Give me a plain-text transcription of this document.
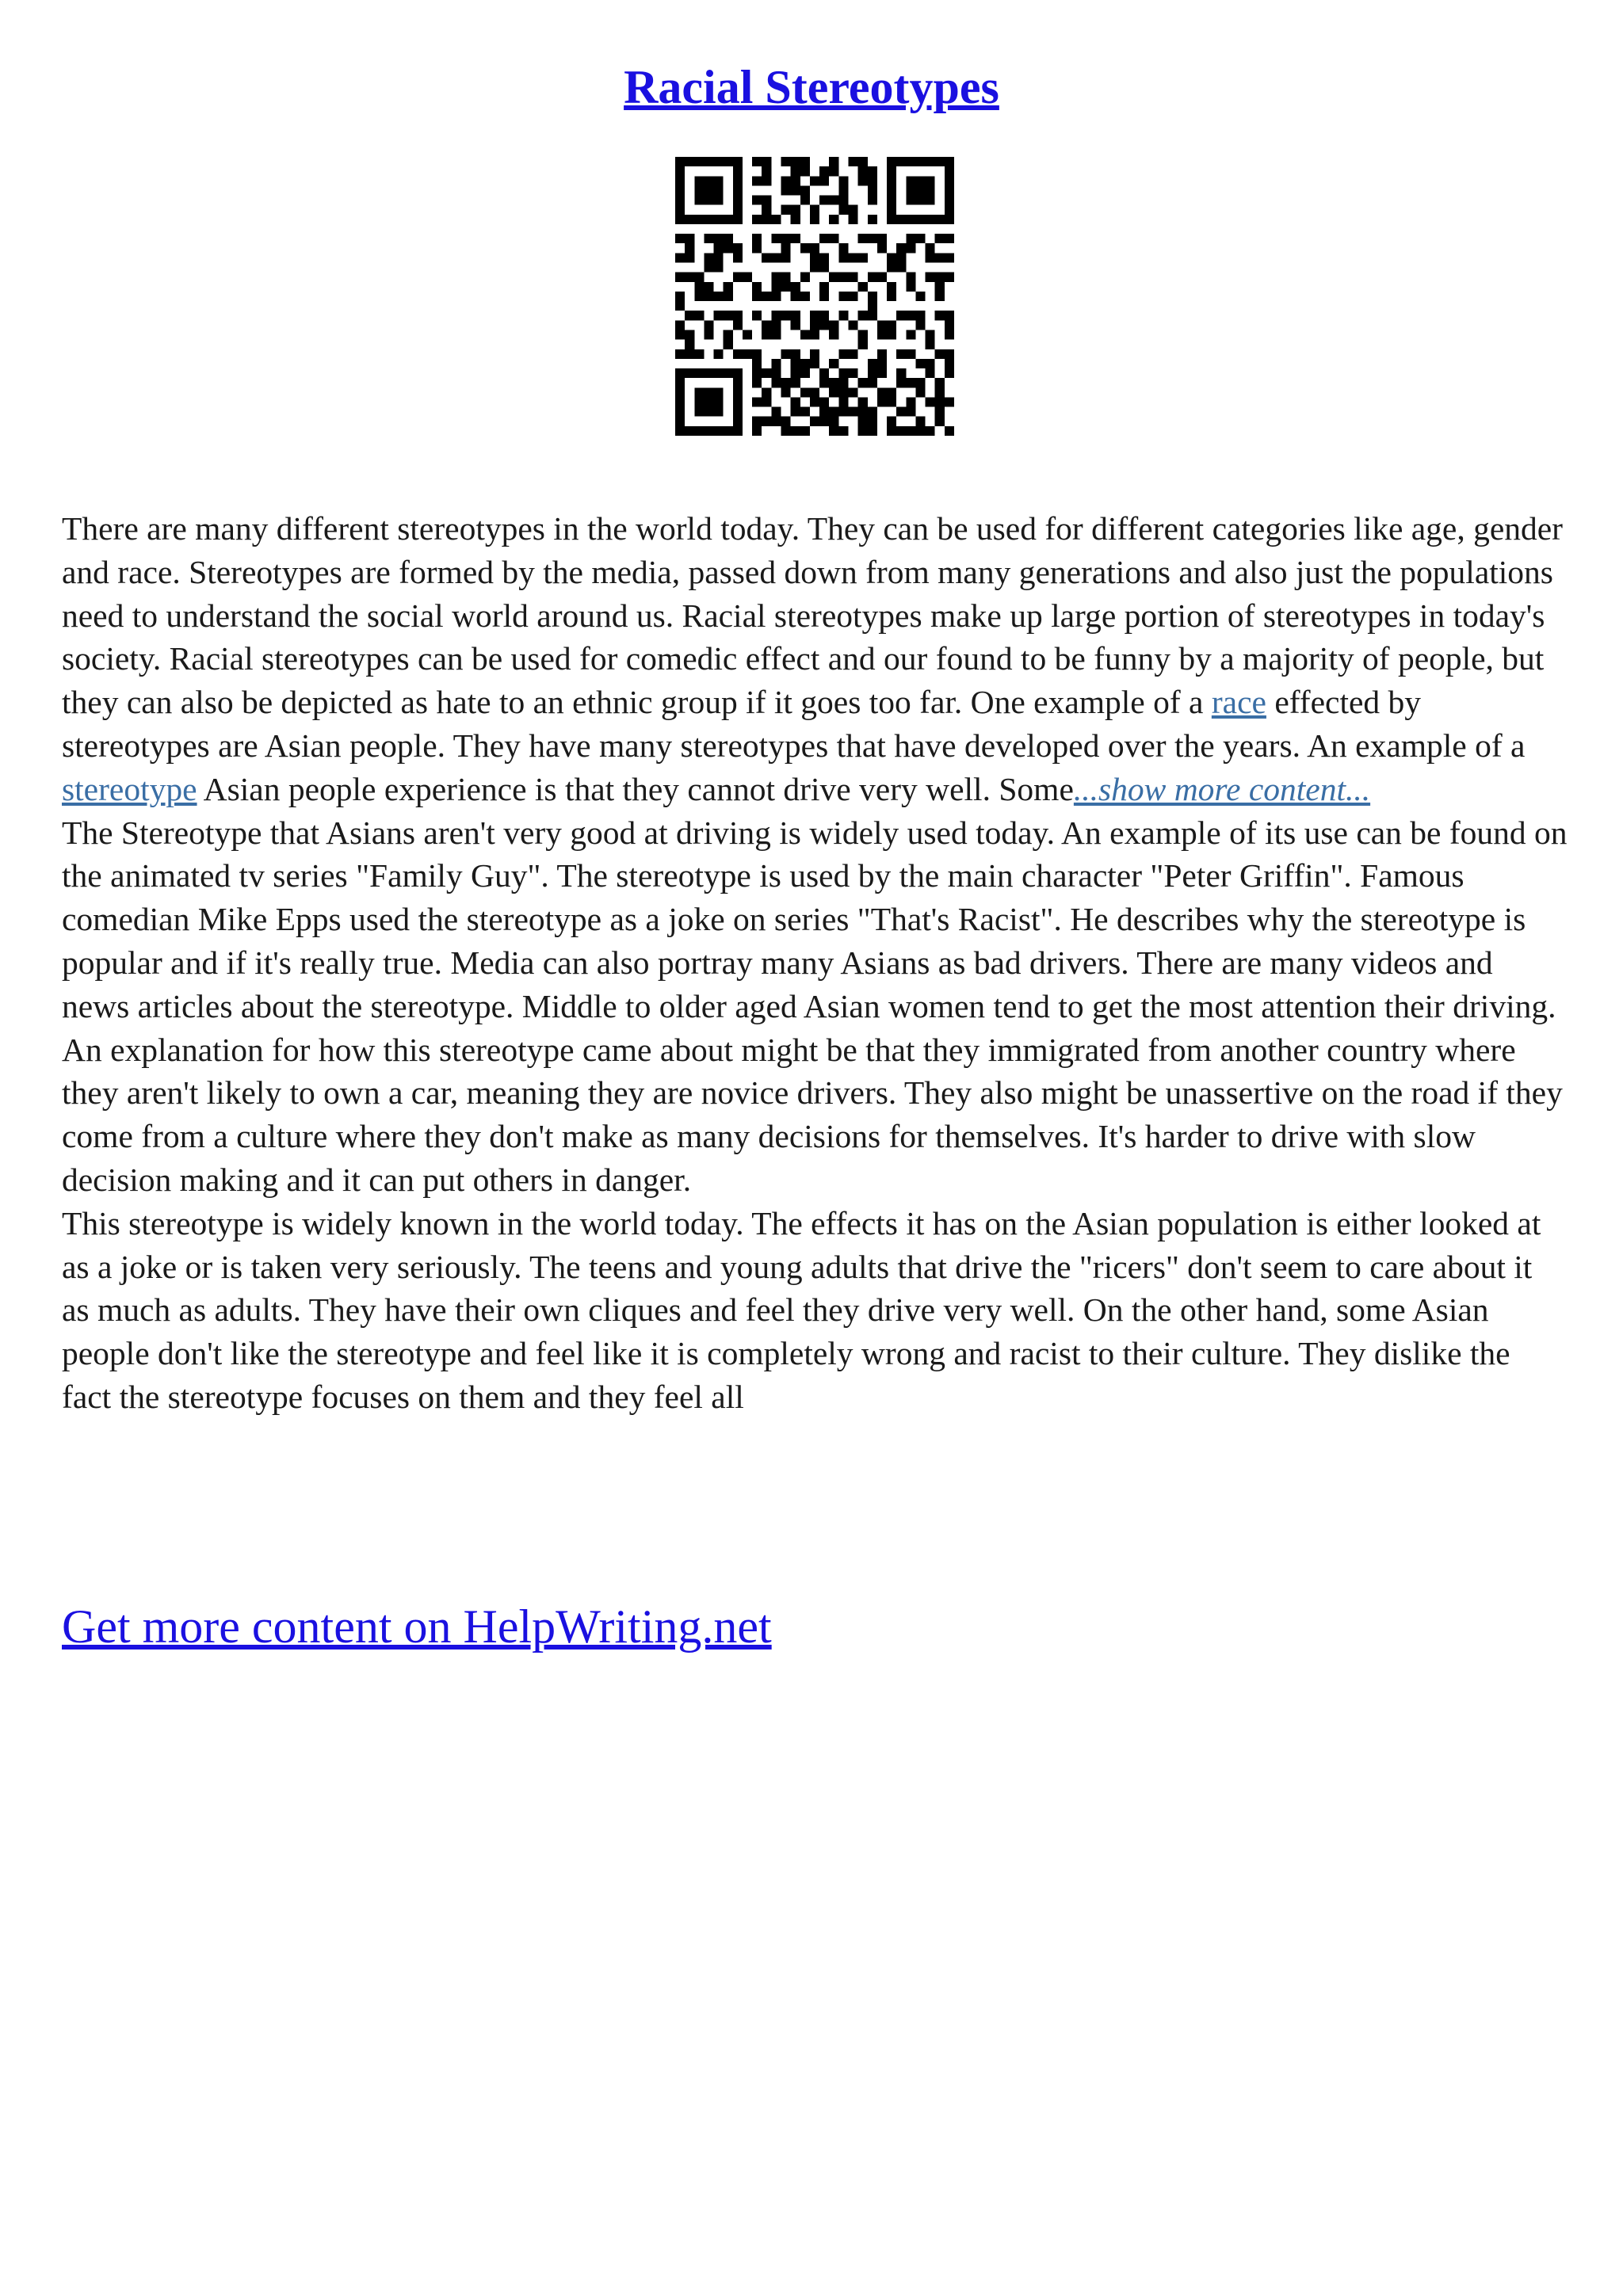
Racial Stereotypes

There are many different stereotypes in the world today. They can be used for different categories like age, gender and race. Stereotypes are formed by the media, passed down from many generations and also just the populations need to understand the social world around us. Racial stereotypes make up large portion of stereotypes in today's society. Racial stereotypes can be used for comedic effect and our found to be funny by a majority of people, but they can also be depicted as hate to an ethnic group if it goes too far. One example of a race effected by stereotypes are Asian people. They have many stereotypes that have developed over the years. An example of a stereotype Asian people experience is that they cannot drive very well. Some...show more content...

The Stereotype that Asians aren't very good at driving is widely used today. An example of its use can be found on the animated tv series "Family Guy". The stereotype is used by the main character "Peter Griffin". Famous comedian Mike Epps used the stereotype as a joke on series "That's Racist". He describes why the stereotype is popular and if it's really true. Media can also portray many Asians as bad drivers. There are many videos and news articles about the stereotype. Middle to older aged Asian women tend to get the most attention their driving. An explanation for how this stereotype came about might be that they immigrated from another country where they aren't likely to own a car, meaning they are novice drivers. They also might be unassertive on the road if they come from a culture where they don't make as many decisions for themselves. It's harder to drive with slow decision making and it can put others in danger.

This stereotype is widely known in the world today. The effects it has on the Asian population is either looked at as a joke or is taken very seriously. The teens and young adults that drive the "ricers" don't seem to care about it as much as adults. They have their own cliques and feel they drive very well. On the other hand, some Asian people don't like the stereotype and feel like it is completely wrong and racist to their culture. They dislike the fact the stereotype focuses on them and they feel all

Get more content on HelpWriting.net
